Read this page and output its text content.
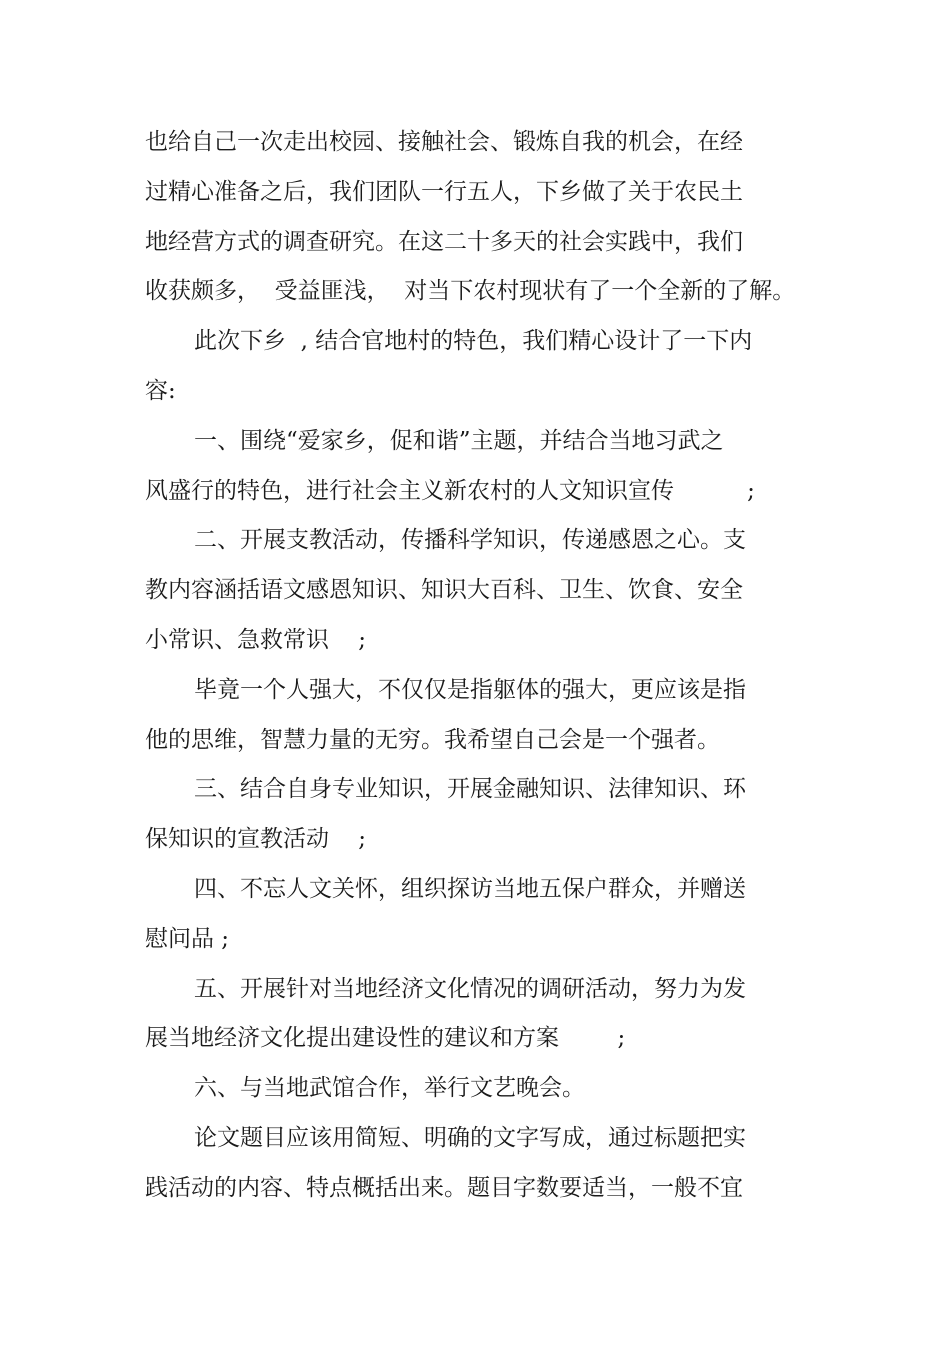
也给自己一次走出校园、接触社会、锻炼自我的机会，在经
过精心准备之后，我们团队一行五人，下乡做了关于农民土
地经营方式的调查研究。在这二十多天的社会实践中，我们
收获颇多，  受益匪浅，  对当下农村现状有了一个全新的了解。
此次下乡  , 结合官地村的特色，我们精心设计了一下内
容:
一、围绕“爱家乡，促和谐”主题，并结合当地习武之
风盛行的特色，进行社会主义新农村的人文知识宣传          ;
二、开展支教活动，传播科学知识，传递感恩之心。支
教内容涵括语文感恩知识、知识大百科、卫生、饮食、安全
小常识、急救常识    ;
毕竟一个人强大，不仅仅是指躯体的强大，更应该是指
他的思维，智慧力量的无穷。我希望自己会是一个强者。
三、结合自身专业知识，开展金融知识、法律知识、环
保知识的宣教活动    ;
四、不忘人文关怀，组织探访当地五保户群众，并赠送
慰问品 ;
五、开展针对当地经济文化情况的调研活动，努力为发
展当地经济文化提出建设性的建议和方案        ;
六、与当地武馆合作，举行文艺晚会。
论文题目应该用简短、明确的文字写成，通过标题把实
践活动的内容、特点概括出来。题目字数要适当，一般不宜
